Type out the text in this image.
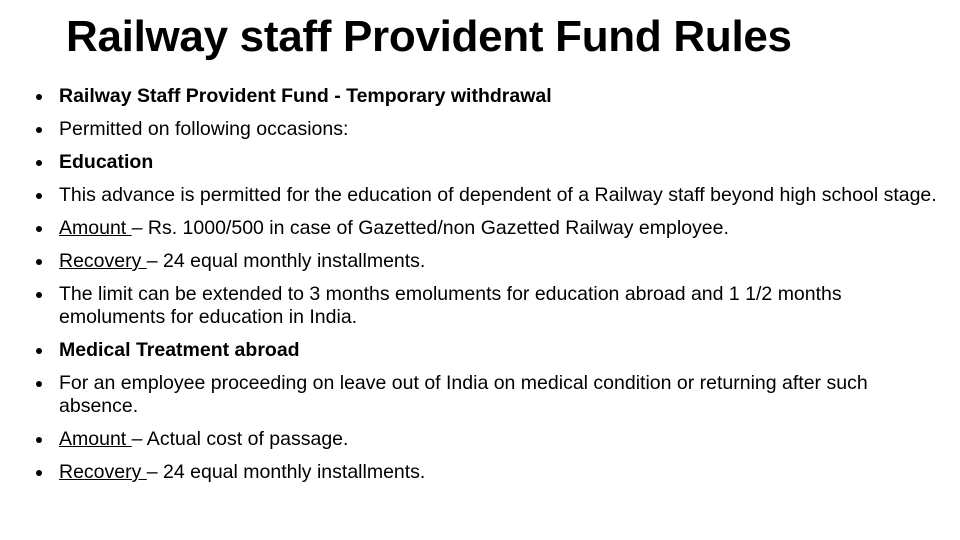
Railway staff Provident Fund Rules
Railway Staff Provident Fund - Temporary withdrawal
Permitted on following occasions:
Education
This advance is permitted for the education of dependent of a Railway staff beyond high school stage.
Amount – Rs. 1000/500 in case of Gazetted/non Gazetted Railway employee.
Recovery – 24 equal monthly installments.
The limit can be extended to 3 months emoluments for education abroad and 1 1/2 months emoluments for education in India.
Medical Treatment abroad
For an employee proceeding on leave out of India on medical condition or returning after such absence.
Amount – Actual cost of passage.
Recovery – 24 equal monthly installments.
